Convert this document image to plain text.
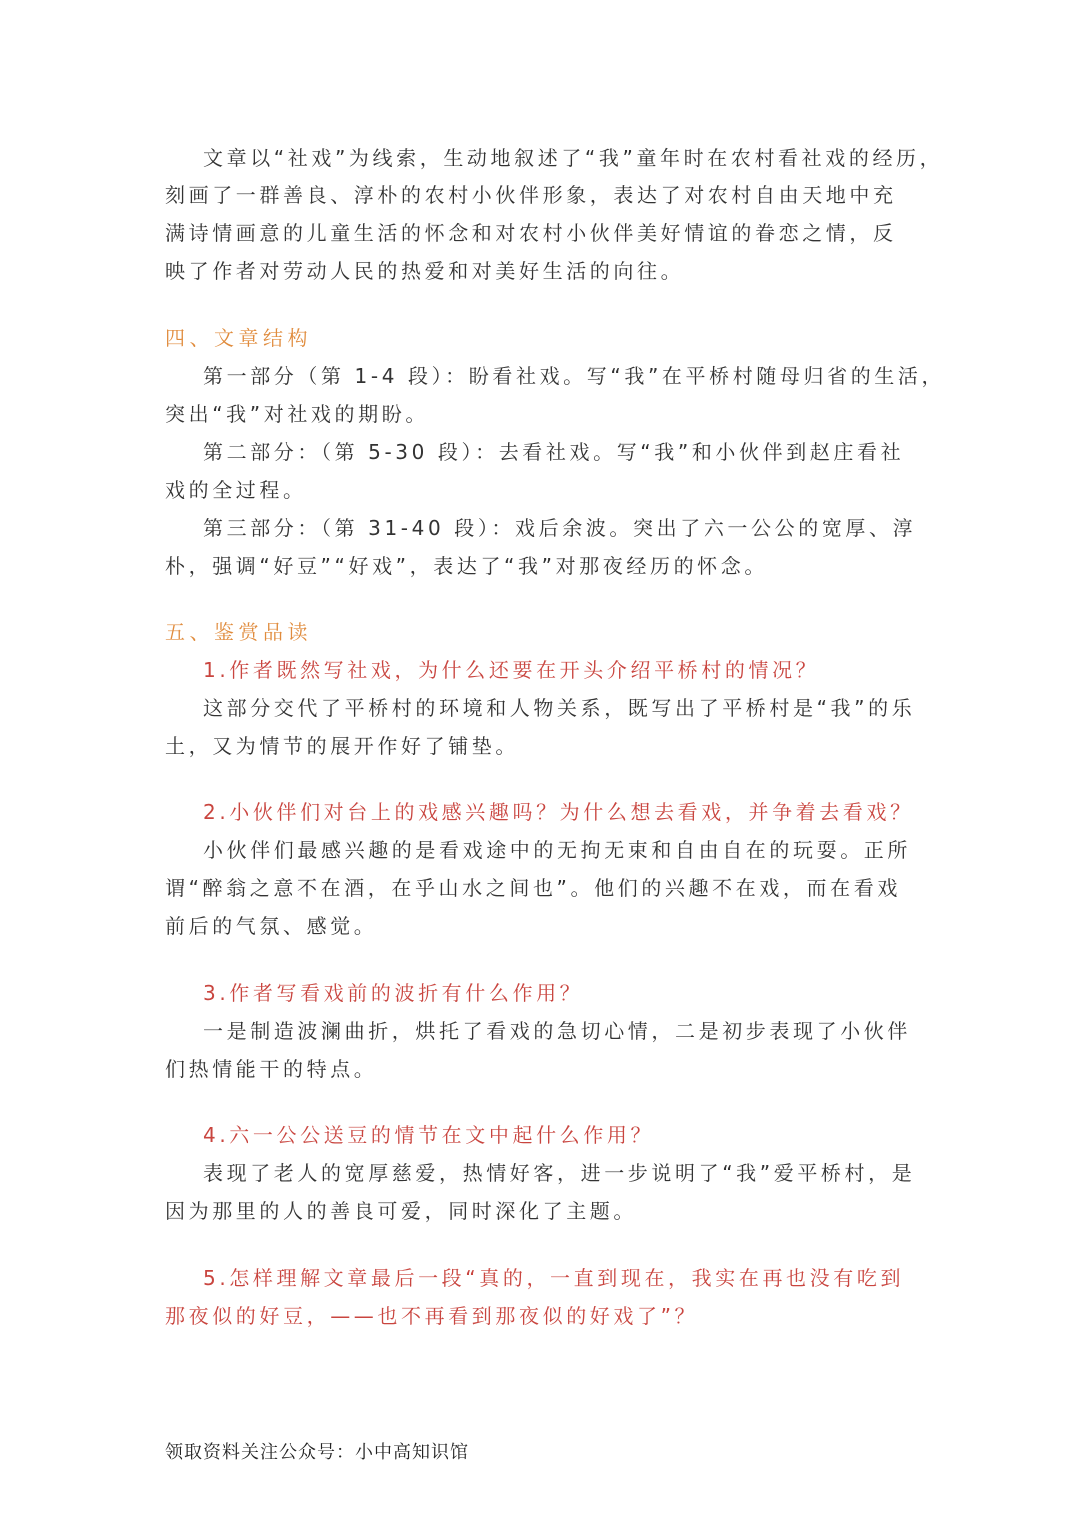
文章以“社戏”为线索，生动地叙述了“我”童年时在农村看社戏的经历，
刻画了一群善良、淳朴的农村小伙伴形象，表达了对农村自由天地中充
满诗情画意的儿童生活的怀念和对农村小伙伴美好情谊的眷恋之情，反
映了作者对劳动人民的热爱和对美好生活的向往。
四、文章结构
第一部分（第 1-4 段）：盼看社戏。写“我”在平桥村随母归省的生活，
突出“我”对社戏的期盼。
第二部分：（第 5-30 段）：去看社戏。写“我”和小伙伴到赵庄看社
戏的全过程。
第三部分：（第 31-40 段）：戏后余波。突出了六一公公的宽厚、淳
朴，强调“好豆”“好戏”，表达了“我”对那夜经历的怀念。
五、鉴赏品读
1.作者既然写社戏，为什么还要在开头介绍平桥村的情况？
这部分交代了平桥村的环境和人物关系，既写出了平桥村是“我”的乐
土，又为情节的展开作好了铺垫。
2.小伙伴们对台上的戏感兴趣吗？为什么想去看戏，并争着去看戏？
小伙伴们最感兴趣的是看戏途中的无拘无束和自由自在的玩耍。正所
谓“醉翁之意不在酒，在乎山水之间也”。他们的兴趣不在戏，而在看戏
前后的气氛、感觉。
3.作者写看戏前的波折有什么作用？
一是制造波澜曲折，烘托了看戏的急切心情，二是初步表现了小伙伴
们热情能干的特点。
4.六一公公送豆的情节在文中起什么作用？
表现了老人的宽厚慈爱，热情好客，进一步说明了“我”爱平桥村，是
因为那里的人的善良可爱，同时深化了主题。
5.怎样理解文章最后一段“真的，一直到现在，我实在再也没有吃到
那夜似的好豆，——也不再看到那夜似的好戏了”？
领取资料关注公众号：小中高知识馆
